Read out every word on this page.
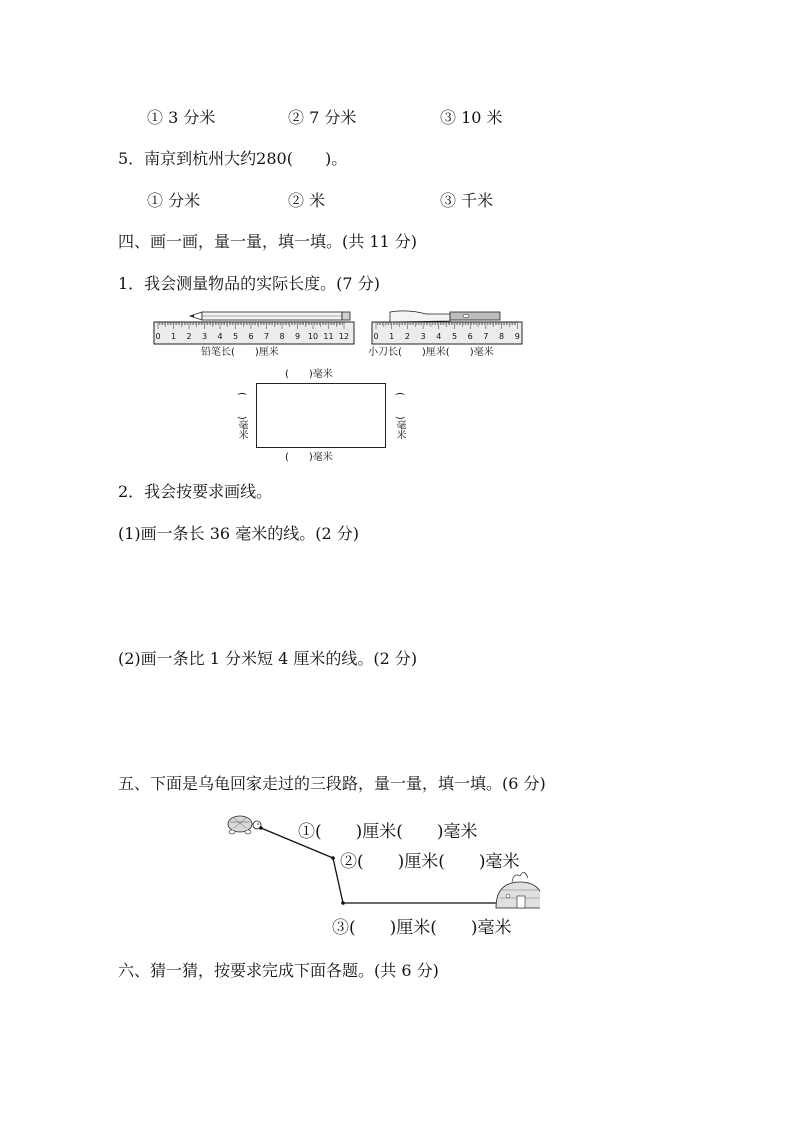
① 3 分米	② 7 分米	③ 10 米
5．南京到杭州大约280(　　)。
① 分米	② 米	③ 千米
四、画一画，量一量，填一填。(共 11 分)
1．我会测量物品的实际长度。(7 分)
0 1 2 3 4 5 6 7 8 9 10 11 12	0 1 2 3 4 5 6 7 8 9
铅笔长(　　)厘米	小刀长(　　)厘米(　　)毫米
(　　)毫米
(　　)毫米
(　　)毫米	(　　)毫米
2．我会按要求画线。
(1)画一条长 36 毫米的线。(2 分)
(2)画一条比 1 分米短 4 厘米的线。(2 分)
五、下面是乌龟回家走过的三段路，量一量，填一填。(6 分)
①(　　)厘米(　　)毫米
②(　　)厘米(　　)毫米
③(　　)厘米(　　)毫米
六、猜一猜，按要求完成下面各题。(共 6 分)
